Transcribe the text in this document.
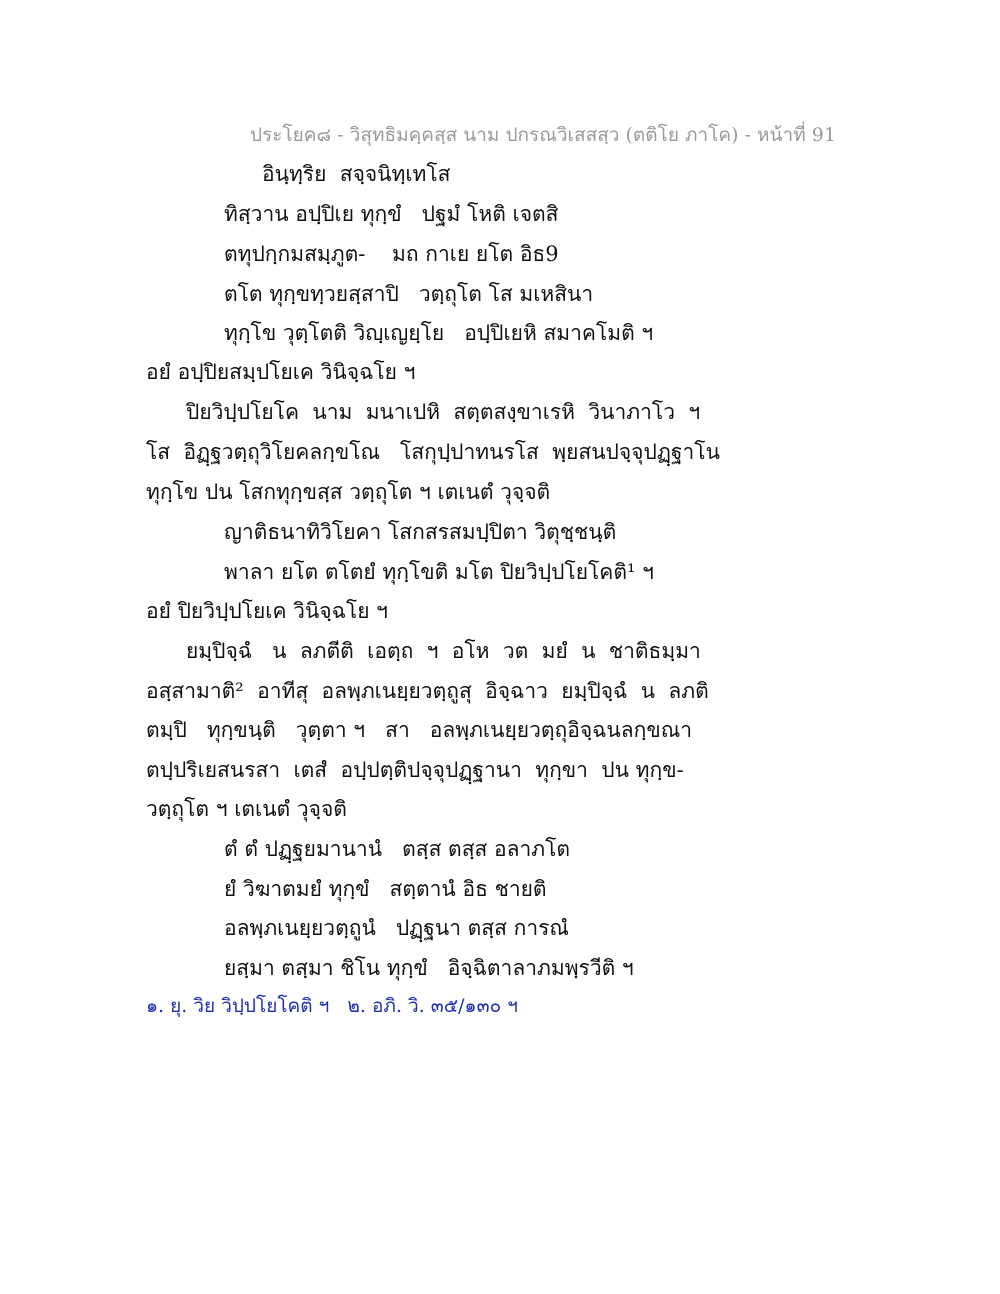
ประโยค๘ - วิสุทธิมคฺคสฺส นาม ปกรณวิเสสสฺว (ตติโย ภาโค) - หน้าที่ 91
อินฺทฺริย  สจฺจนิทฺเทโส
ทิสฺวาน อปฺปิเย ทุกฺขํ   ปฐมํ โหติ เจตสิ
ตทุปกฺกมสมฺภูต-    มถ กาเย ยโต อิธ9
ตโต ทุกฺขทฺวยสฺสาปิ   วตฺถุโต โส มเหสินา
ทุกฺโข วุตฺโตติ วิญฺเญยฺโย   อปฺปิเยหิ สมาคโมติ ฯ
อยํ อปฺปิยสมฺปโยเค วินิจฺฉโย ฯ
ปิยวิปฺปโยโค  นาม  มนาเปหิ  สตฺตสงฺขาเรหิ  วินาภาโว  ฯ
โส  อิฏฺฐวตฺถุวิโยคลกฺขโณ   โสกุปฺปาทนรโส  พฺยสนปจฺจุปฏฺฐาโน
ทุกฺโข ปน โสกทุกฺขสฺส วตฺถุโต ฯ เตเนตํ วุจฺจติ
ญาติธนาทิวิโยคา โสกสรสมปฺปิตา วิตุชฺชนฺติ
พาลา ยโต ตโตยํ ทุกฺโขติ มโต ปิยวิปฺปโยโคติ¹ ฯ
อยํ ปิยวิปฺปโยเค วินิจฺฉโย ฯ
ยมฺปิจฺฉํ   น  ลภตีติ  เอตฺถ  ฯ  อโห  วต  มยํ  น  ชาติธมฺมา
อสฺสามาติ²  อาทีสุ  อลพฺภเนยฺยวตฺถูสุ  อิจฺฉาว  ยมฺปิจฺฉํ  น  ลภติ
ตมฺปิ   ทุกฺขนฺติ   วุตฺตา ฯ   สา   อลพฺภเนยฺยวตฺถุอิจฺฉนลกฺขณา
ตปฺปริเยสนรสา  เตสํ  อปฺปตฺติปจฺจุปฏฺฐานา  ทุกฺขา  ปน ทุกฺข-
วตฺถุโต ฯ เตเนตํ วุจฺจติ
ตํ ตํ ปฏฺฐยมานานํ   ตสฺส ตสฺส อลาภโต
ยํ วิฆาตมยํ ทุกฺขํ   สตฺตานํ อิธ ชายติ
อลพฺภเนยฺยวตฺถูนํ   ปฏฺฐนา ตสฺส การณํ
ยสฺมา ตสฺมา ชิโน ทุกฺขํ   อิจฺฉิตาลาภมพฺรวีติ ฯ
๑. ยุ. วิย วิปฺปโยโคติ ฯ   ๒. อภิ. วิ. ๓๕/๑๓๐ ฯ
